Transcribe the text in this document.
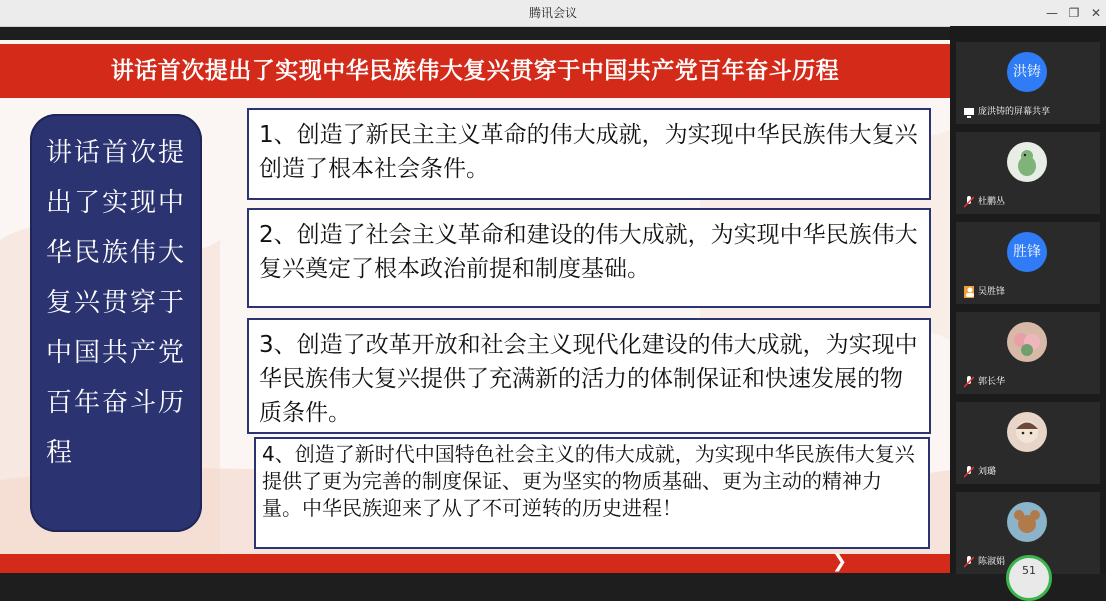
腾讯会议	— ❐ ✕
讲话首次提出了实现中华民族伟大复兴贯穿于中国共产党百年奋斗历程
讲话首次提出了实现中华民族伟大复兴贯穿于中国共产党百年奋斗历程
1、创造了新民主主义革命的伟大成就，为实现中华民族伟大复兴创造了根本社会条件。
2、创造了社会主义革命和建设的伟大成就，为实现中华民族伟大复兴奠定了根本政治前提和制度基础。
3、创造了改革开放和社会主义现代化建设的伟大成就，为实现中华民族伟大复兴提供了充满新的活力的体制保证和快速发展的物质条件。
4、创造了新时代中国特色社会主义的伟大成就，为实现中华民族伟大复兴提供了更为完善的制度保证、更为坚实的物质基础、更为主动的精神力量。中华民族迎来了从了不可逆转的历史进程！
❯
洪铸
庞洪铸的屏幕共享
杜鹏丛
胜锋
吴胜锋
郭长华
刘璐
陈淑娟
51
